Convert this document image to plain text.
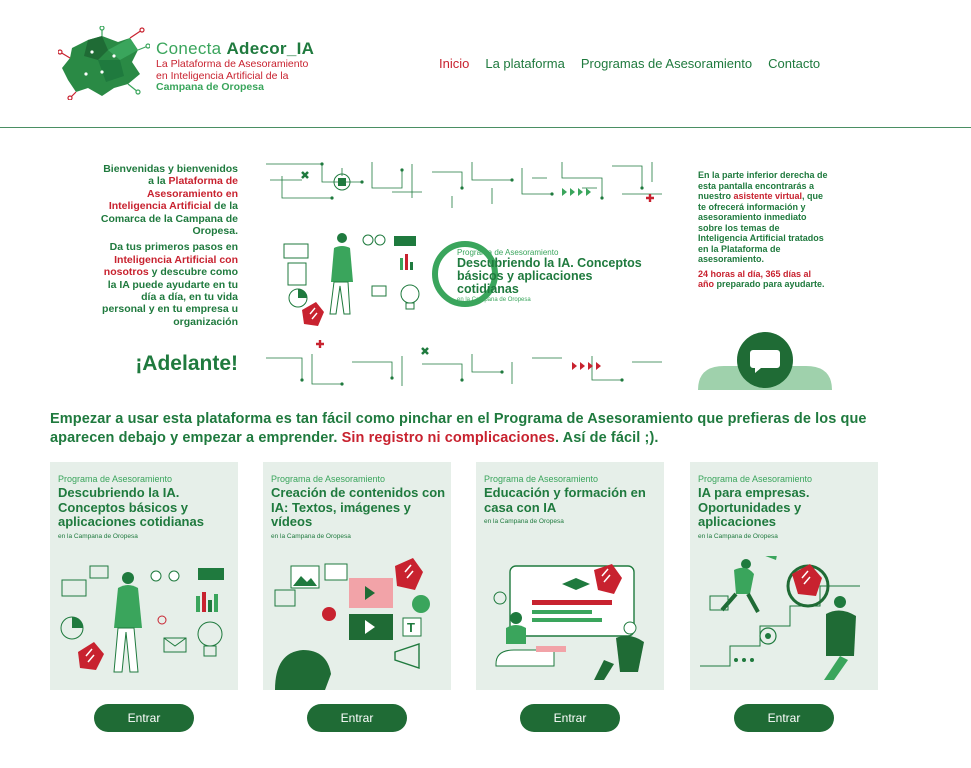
Conecta Adecor_IA
La Plataforma de Asesoramiento
en Inteligencia Artificial de la
Campana de Oropesa
Inicio La plataforma Programas de Asesoramiento Contacto

Bienvenidas y bienvenidos a la Plataforma de Asesoramiento en Inteligencia Artificial de la Comarca de la Campana de Oropesa.

Da tus primeros pasos en Inteligencia Artificial con nosotros y descubre como la IA puede ayudarte en tu día a día, en tu vida personal y en tu empresa u organización

¡Adelante!
Programa de Asesoramiento
Descubriendo la IA. Conceptos básicos y aplicaciones cotidianas
en la Campana de Oropesa

En la parte inferior derecha de esta pantalla encontrarás a nuestro asistente virtual, que te ofrecerá información y asesoramiento inmediato sobre los temas de Inteligencia Artificial tratados en la Plataforma de asesoramiento.

24 horas al día, 365 días al año preparado para ayudarte.

Empezar a usar esta plataforma es tan fácil como pinchar en el Programa de Asesoramiento que prefieras de los que aparecen debajo y empezar a emprender. Sin registro ni complicaciones. Así de fácil ;).
Programa de Asesoramiento
Descubriendo la IA. Conceptos básicos y aplicaciones cotidianas
en la Campana de Oropesa
Entrar
Programa de Asesoramiento
Creación de contenidos con IA: Textos, imágenes y vídeos
en la Campana de Oropesa
T
Entrar
Programa de Asesoramiento
Educación y formación en casa con IA
en la Campana de Oropesa
Entrar
Programa de Asesoramiento
IA para empresas. Oportunidades y aplicaciones
en la Campana de Oropesa
Entrar
